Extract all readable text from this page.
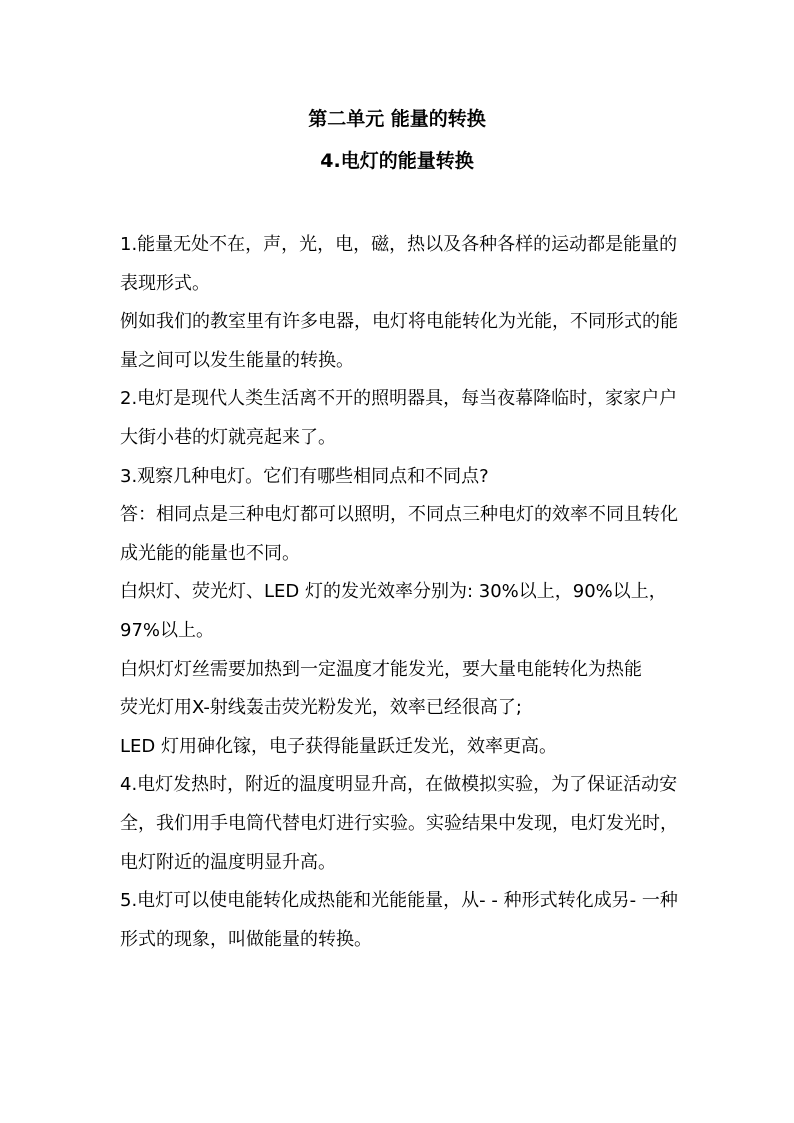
第二单元 能量的转换
4.电灯的能量转换

1.能量无处不在，声，光，电，磁，热以及各种各样的运动都是能量的表现形式。

例如我们的教室里有许多电器，电灯将电能转化为光能，不同形式的能量之间可以发生能量的转换。

2.电灯是现代人类生活离不开的照明器具，每当夜幕降临时，家家户户大街小巷的灯就亮起来了。

3.观察几种电灯。它们有哪些相同点和不同点?

答：相同点是三种电灯都可以照明，不同点三种电灯的效率不同且转化成光能的能量也不同。

白炽灯、荧光灯、LED 灯的发光效率分别为: 30%以上，90%以上，97%以上。

白炽灯灯丝需要加热到一定温度才能发光，要大量电能转化为热能

荧光灯用X-射线轰击荧光粉发光，效率已经很高了;

LED 灯用砷化镓，电子获得能量跃迁发光，效率更高。

4.电灯发热时，附近的温度明显升高，在做模拟实验，为了保证活动安全，我们用手电筒代替电灯进行实验。实验结果中发现，电灯发光时，电灯附近的温度明显升高。

5.电灯可以使电能转化成热能和光能能量，从- - 种形式转化成另- 一种形式的现象，叫做能量的转换。
